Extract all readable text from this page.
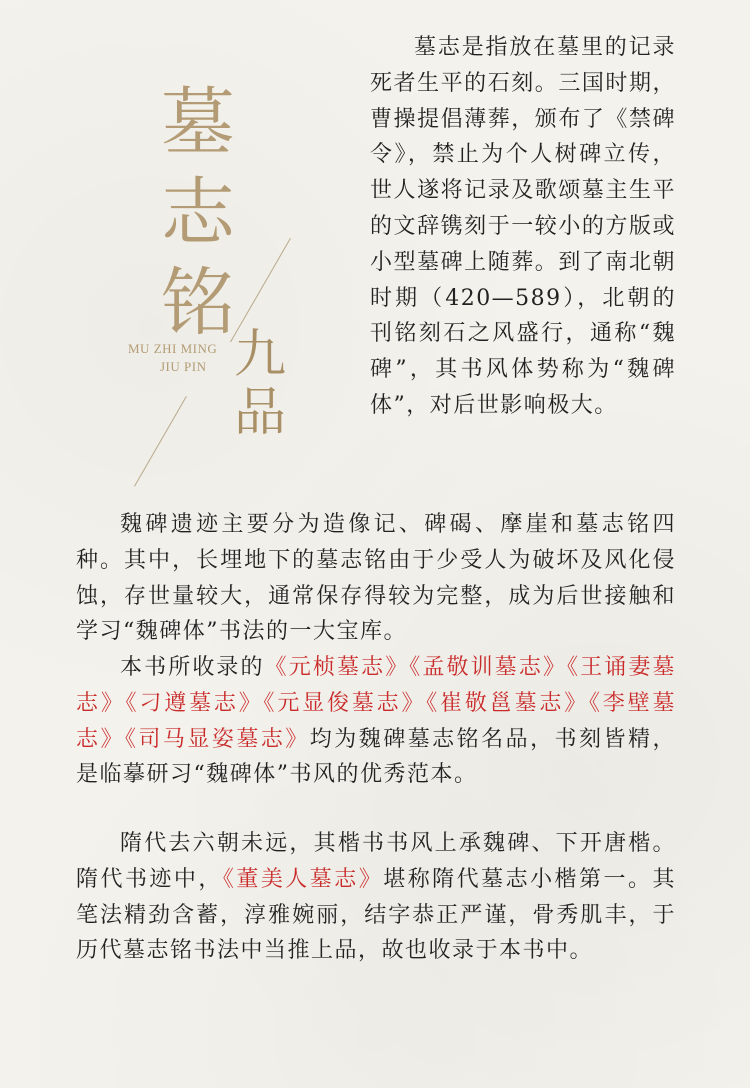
墓
志
铭
MU ZHI MING
JIU PIN 九
品

墓志是指放在墓里的记录死者生平的石刻。三国时期，曹操提倡薄葬，颁布了《禁碑令》，禁止为个人树碑立传，世人遂将记录及歌颂墓主生平的文辞镌刻于一较小的方版或小型墓碑上随葬。到了南北朝时期（420—589），北朝的刊铭刻石之风盛行，通称“魏碑”，其书风体势称为“魏碑体”，对后世影响极大。

魏碑遗迹主要分为造像记、碑碣、摩崖和墓志铭四种。其中，长埋地下的墓志铭由于少受人为破坏及风化侵蚀，存世量较大，通常保存得较为完整，成为后世接触和学习“魏碑体”书法的一大宝库。

本书所收录的《元桢墓志》《孟敬训墓志》《王诵妻墓志》《刁遵墓志》《元显俊墓志》《崔敬邕墓志》《李壁墓志》《司马显姿墓志》均为魏碑墓志铭名品，书刻皆精，是临摹研习“魏碑体”书风的优秀范本。

隋代去六朝未远，其楷书书风上承魏碑、下开唐楷。隋代书迹中，《董美人墓志》堪称隋代墓志小楷第一。其笔法精劲含蓄，淳雅婉丽，结字恭正严谨，骨秀肌丰，于历代墓志铭书法中当推上品，故也收录于本书中。
